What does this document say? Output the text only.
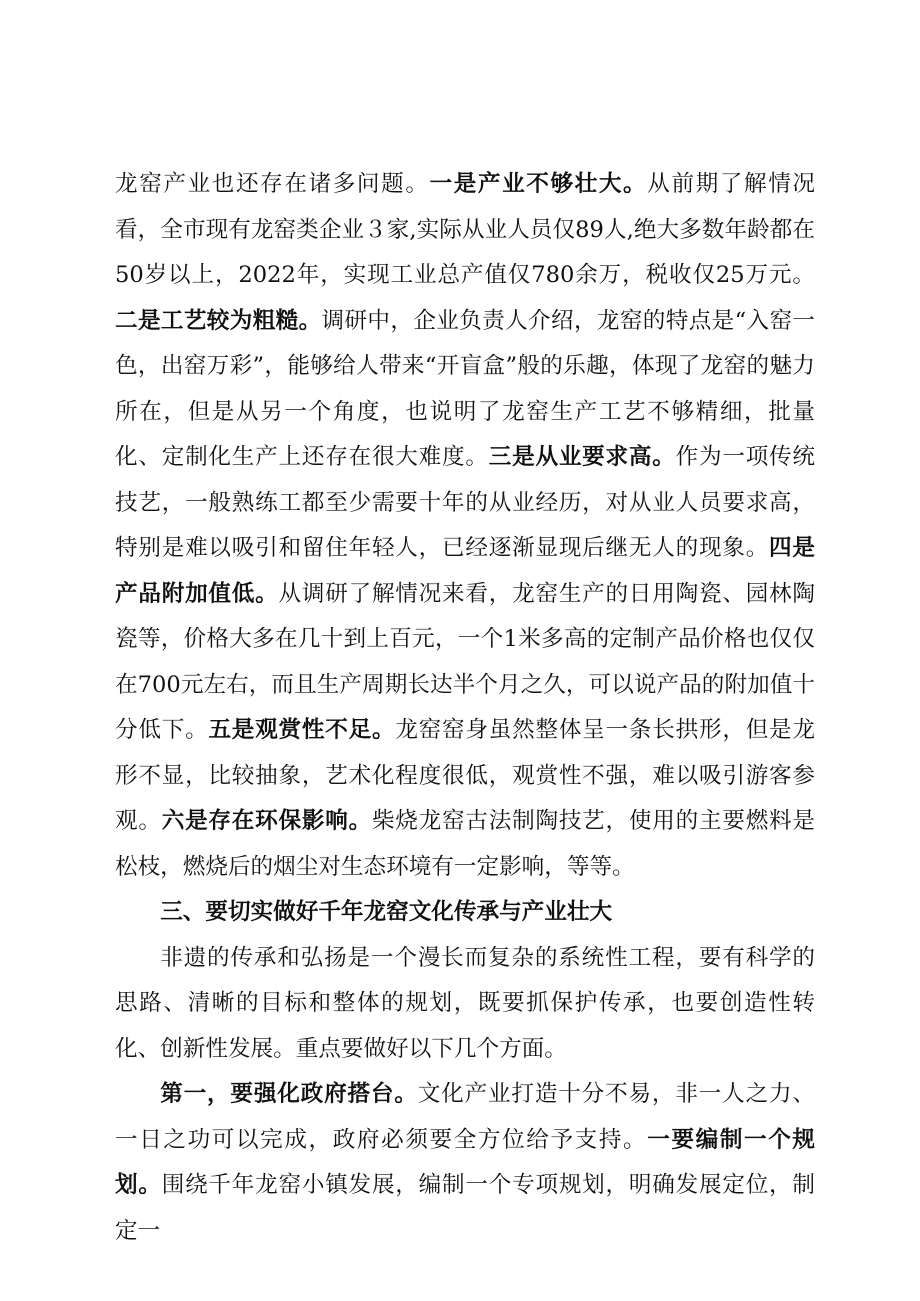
龙窑产业也还存在诸多问题。一是产业不够壮大。从前期了解情况看，全市现有龙窑类企业３家,实际从业人员仅89人,绝大多数年龄都在50岁以上，2022年，实现工业总产值仅780余万，税收仅25万元。二是工艺较为粗糙。调研中，企业负责人介绍，龙窑的特点是“入窑一色，出窑万彩”，能够给人带来“开盲盒”般的乐趣，体现了龙窑的魅力所在，但是从另一个角度，也说明了龙窑生产工艺不够精细，批量化、定制化生产上还存在很大难度。三是从业要求高。作为一项传统技艺，一般熟练工都至少需要十年的从业经历，对从业人员要求高，特别是难以吸引和留住年轻人，已经逐渐显现后继无人的现象。四是产品附加值低。从调研了解情况来看，龙窑生产的日用陶瓷、园林陶瓷等，价格大多在几十到上百元，一个1米多高的定制产品价格也仅仅在700元左右，而且生产周期长达半个月之久，可以说产品的附加值十分低下。五是观赏性不足。龙窑窑身虽然整体呈一条长拱形，但是龙形不显，比较抽象，艺术化程度很低，观赏性不强，难以吸引游客参观。六是存在环保影响。柴烧龙窑古法制陶技艺，使用的主要燃料是松枝，燃烧后的烟尘对生态环境有一定影响，等等。

三、要切实做好千年龙窑文化传承与产业壮大

非遗的传承和弘扬是一个漫长而复杂的系统性工程，要有科学的思路、清晰的目标和整体的规划，既要抓保护传承，也要创造性转化、创新性发展。重点要做好以下几个方面。

第一，要强化政府搭台。文化产业打造十分不易，非一人之力、一日之功可以完成，政府必须要全方位给予支持。一要编制一个规划。围绕千年龙窑小镇发展，编制一个专项规划，明确发展定位，制定一
